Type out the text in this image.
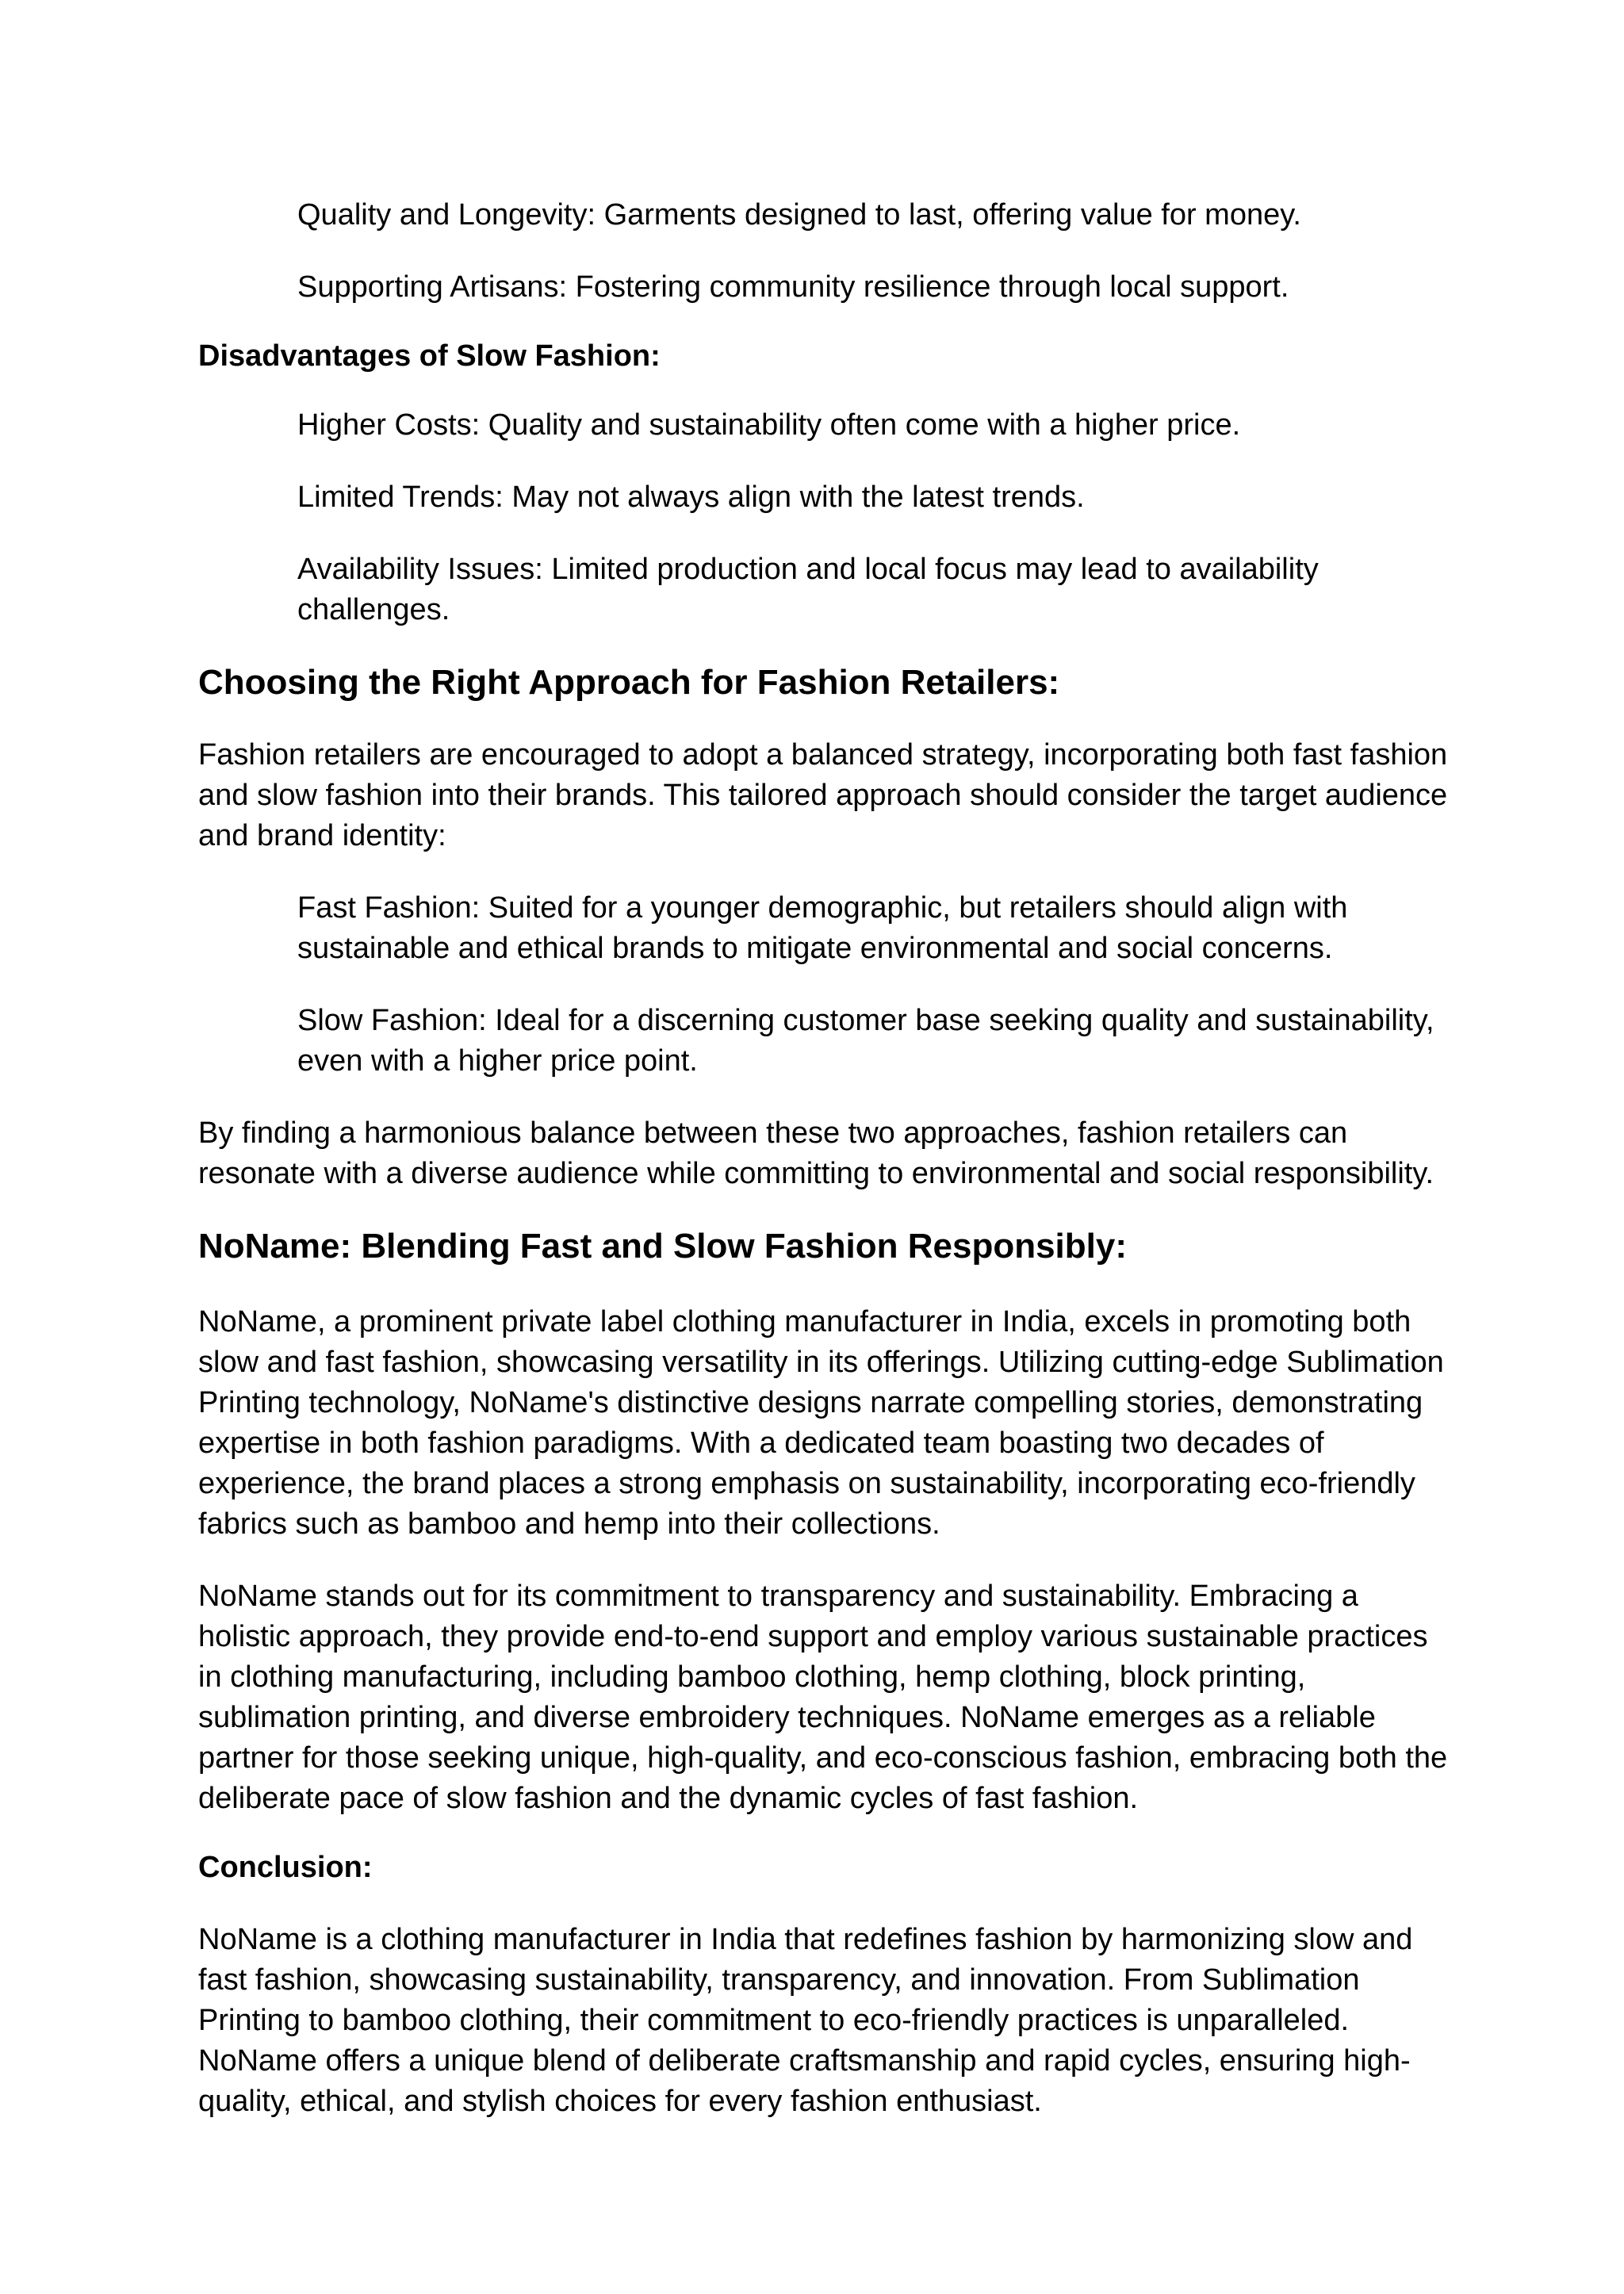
Quality and Longevity: Garments designed to last, offering value for money.

Supporting Artisans: Fostering community resilience through local support.

Disadvantages of Slow Fashion:

Higher Costs: Quality and sustainability often come with a higher price.

Limited Trends: May not always align with the latest trends.

Availability Issues: Limited production and local focus may lead to availability challenges.

Choosing the Right Approach for Fashion Retailers:

Fashion retailers are encouraged to adopt a balanced strategy, incorporating both fast fashion and slow fashion into their brands. This tailored approach should consider the target audience and brand identity:

Fast Fashion: Suited for a younger demographic, but retailers should align with sustainable and ethical brands to mitigate environmental and social concerns.

Slow Fashion: Ideal for a discerning customer base seeking quality and sustainability, even with a higher price point.

By finding a harmonious balance between these two approaches, fashion retailers can resonate with a diverse audience while committing to environmental and social responsibility.

NoName: Blending Fast and Slow Fashion Responsibly:

NoName, a prominent private label clothing manufacturer in India, excels in promoting both slow and fast fashion, showcasing versatility in its offerings. Utilizing cutting-edge Sublimation Printing technology, NoName's distinctive designs narrate compelling stories, demonstrating expertise in both fashion paradigms. With a dedicated team boasting two decades of experience, the brand places a strong emphasis on sustainability, incorporating eco-friendly fabrics such as bamboo and hemp into their collections.

NoName stands out for its commitment to transparency and sustainability. Embracing a holistic approach, they provide end-to-end support and employ various sustainable practices in clothing manufacturing, including bamboo clothing, hemp clothing, block printing, sublimation printing, and diverse embroidery techniques. NoName emerges as a reliable partner for those seeking unique, high-quality, and eco-conscious fashion, embracing both the deliberate pace of slow fashion and the dynamic cycles of fast fashion.

Conclusion:

NoName is a clothing manufacturer in India that redefines fashion by harmonizing slow and fast fashion, showcasing sustainability, transparency, and innovation. From Sublimation Printing to bamboo clothing, their commitment to eco-friendly practices is unparalleled. NoName offers a unique blend of deliberate craftsmanship and rapid cycles, ensuring high-quality, ethical, and stylish choices for every fashion enthusiast.
